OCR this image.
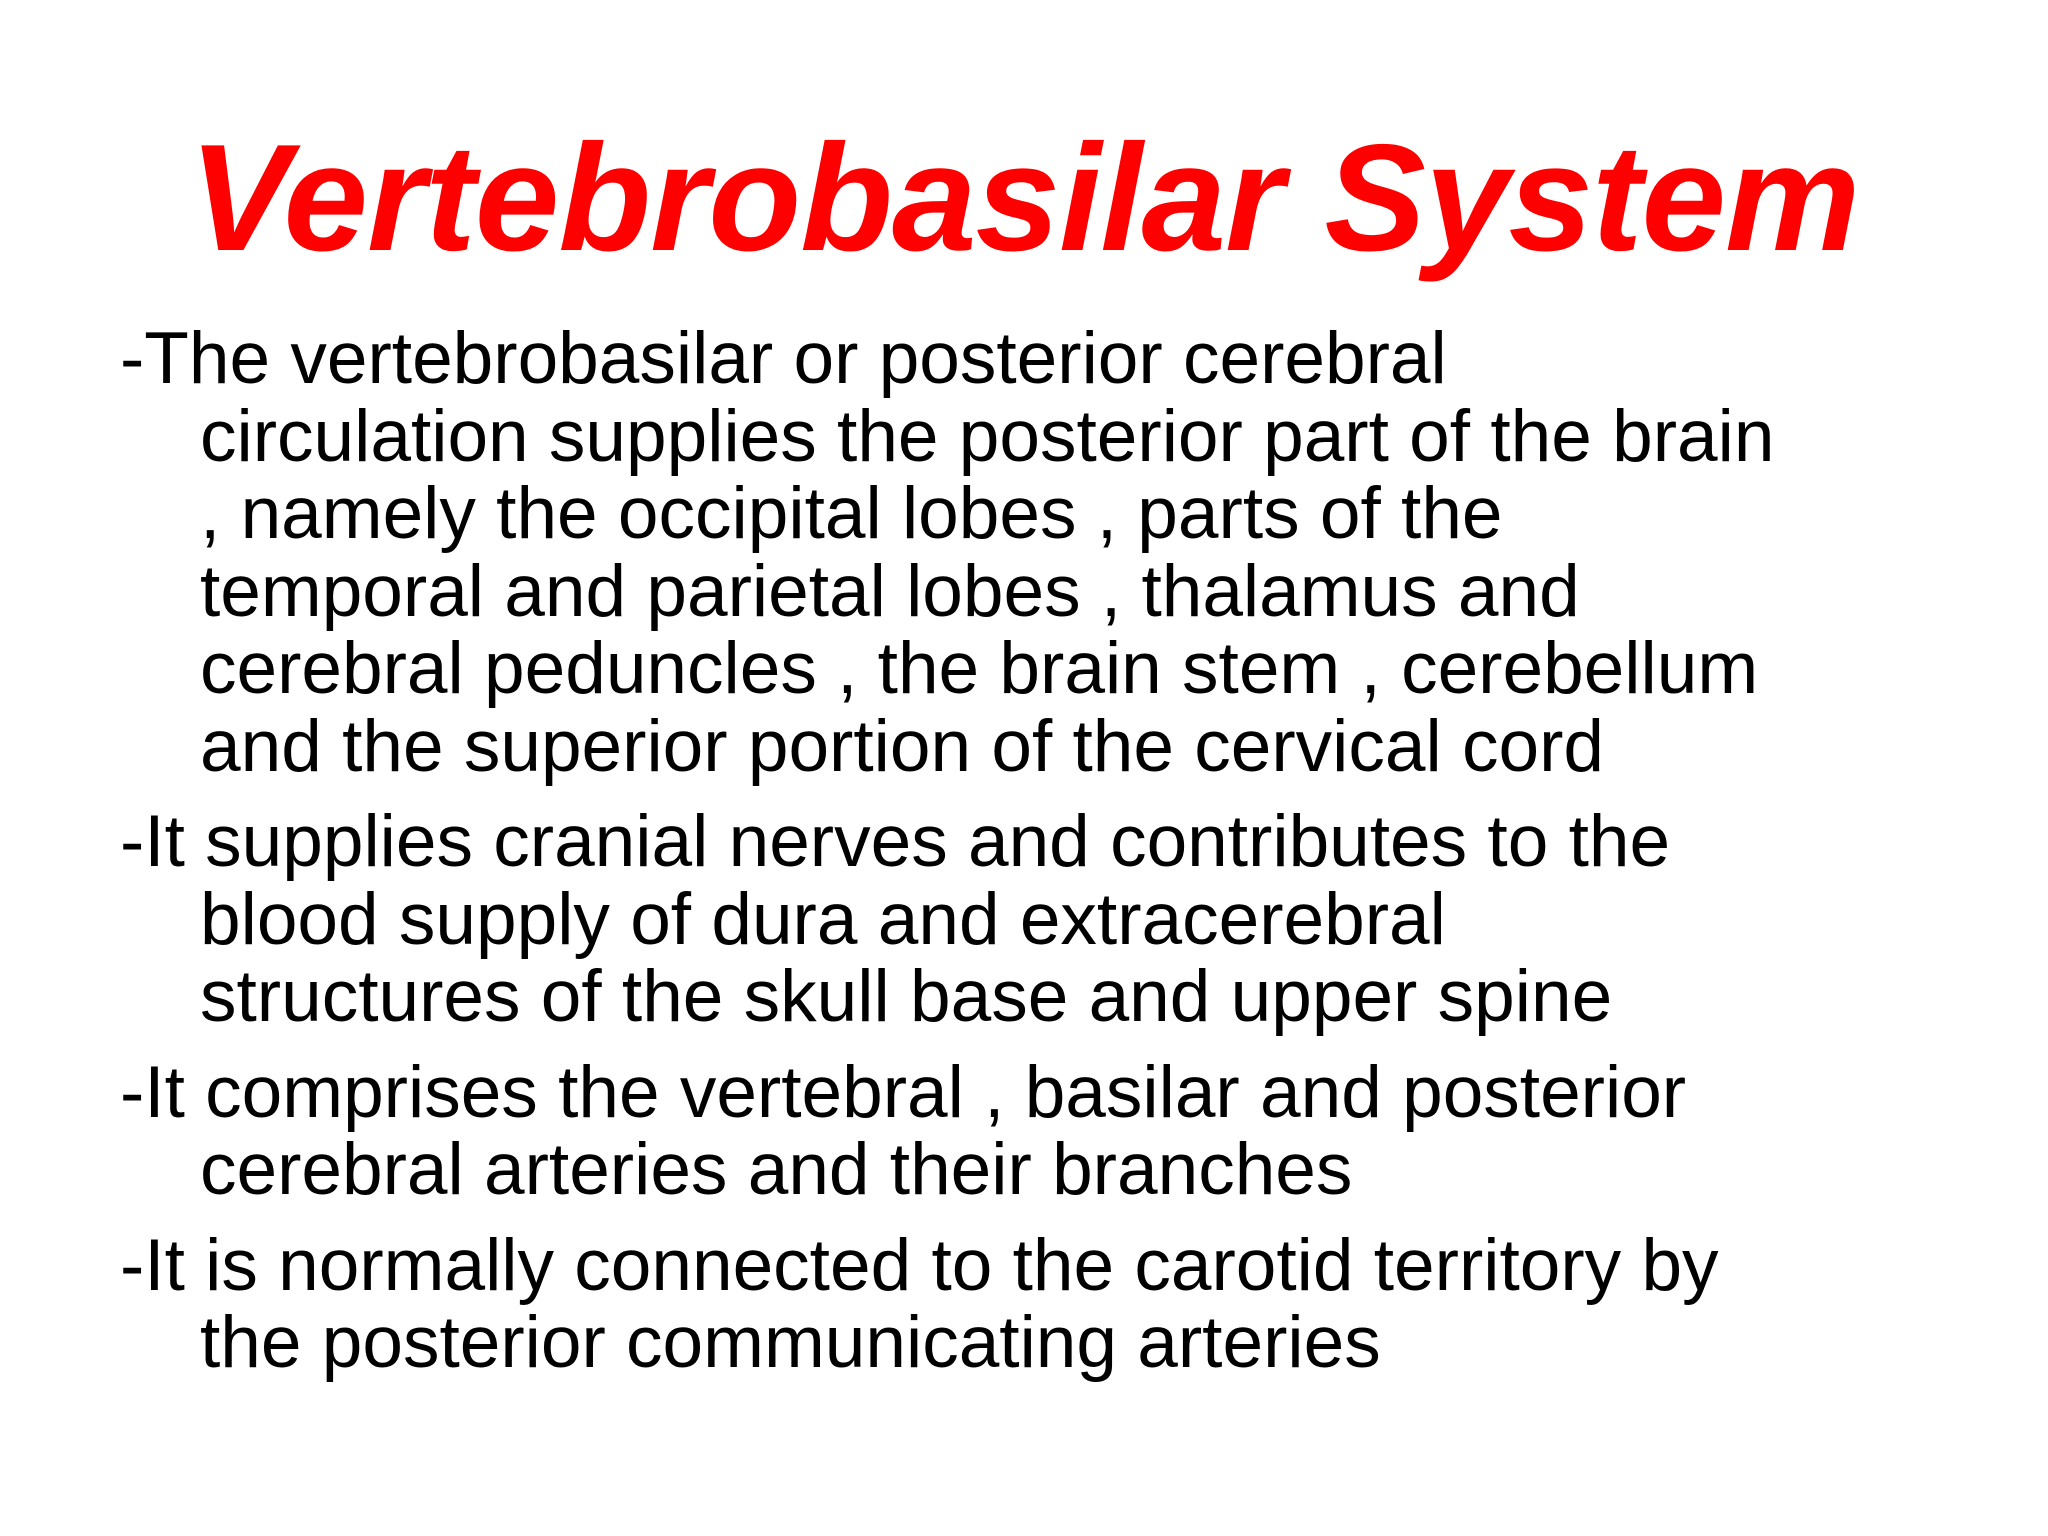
Vertebrobasilar System
-The vertebrobasilar or posterior cerebral
circulation supplies the posterior part of the brain
, namely the occipital lobes , parts of the
temporal and parietal lobes , thalamus and
cerebral peduncles , the brain stem , cerebellum
and the superior portion of the cervical cord
-It supplies cranial nerves and contributes to the
blood supply of dura and extracerebral
structures of the skull base and upper spine
-It comprises the vertebral , basilar and posterior
cerebral arteries and their branches
-It is normally connected to the carotid territory by
the posterior communicating arteries
